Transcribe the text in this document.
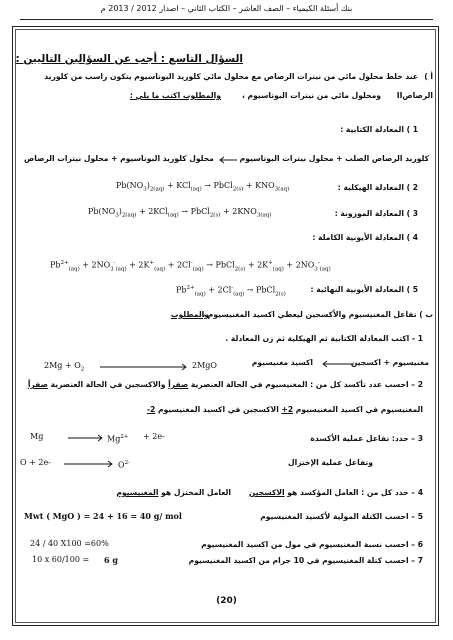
بنك أسئلة الكيمياء – الصف العاشر – الكتاب الثاني – اصدار 2012 / 2013 م
السؤال التاسع : أجب عن السؤالين التاليين :
أ )
عند خلط محلول مائي من نيترات الرصاص مع محلول مائي كلوريد البوتاسيوم يتكون راسب من كلوريد
الرصاصII
ومحلول مائي من نيترات البوتاسيوم ،
والمطلوب اكتب ما يلي :
1 ) المعادلة الكتابية :
محلول كلوريد البوتاسيوم + محلول نيترات الرصاص	كلوريد الرصاص الصلب + محلول نيترات البوتاسيوم
2 ) المعادلة الهيكلية :
$Pb(NO_3)_{2(aq)} + KCl_{(aq)}$ → PbCl$_{2(s)}$ + $KNO_{3(aq)}$
3 ) المعادلة الموزونة :
$Pb(NO_3)_{2(aq)} + 2KCl_{(aq)}$ → PbCl$_{2(s)}$ + $2KNO_{3(aq)}$
4 ) المعادلة الأيونية الكاملة :
$Pb^{2+}_{(aq)} + 2NO_3^-_{(aq)} + 2K^+_{(aq)} + 2Cl^-_{(aq)}$ → PbCl$_{2(s)}$ + $2K^+_{(aq)} + 2NO_3^-_{(aq)}$
5 ) المعادلة الأيونية النهائية :
$Pb^{2+}_{(aq)} + 2Cl^-_{(aq)}$ → PbCl$_{2(s)}$
ب ) تفاعل المغنيسيوم والأكسجين ليعطي اكسيد المغنيسيوم ،
والمطلوب
1 - اكتب المعادلة الكتابية ثم الهيكلية ثم زن المعادلة .
مغنيسيوم + اكسجين
اكسيد مغنيسيوم
$2Mg + O_2$	2MgO
2 – احسب عدد تأكسد كل من : المغنيسيوم في الحالة العنصرية صفراً والاكسجين في الحالة العنصرية صفراً
المغنيسيوم في اكسيد المغنيسيوم 2+ الاكسجين في اكسيد المغنيسيوم 2-
3 – حدد: تفاعل عملية الأكسدة
Mg	$Mg^{2+} + 2e-$
وتفاعل عملية الإختزال
O + 2e-	$O^{2-}$
4 – حدد كل من : العامل المؤكسد هو الاكسجين
العامل المختزل هو المغنيسيوم
5 – احسب الكتلة المولية لأكسيد المغنيسيوم
Mwt ( MgO ) = 24 + 16 = 40 g/ mol
6 – احسب نسبة المغنيسيوم في مول من اكسيد المغنيسيوم
24 / 40 X100 =60%
7 – احسب كتلة المغنيسيوم في 10 جرام من اكسيد المغنيسيوم
10 x 60/100 = 6 g
(20)
